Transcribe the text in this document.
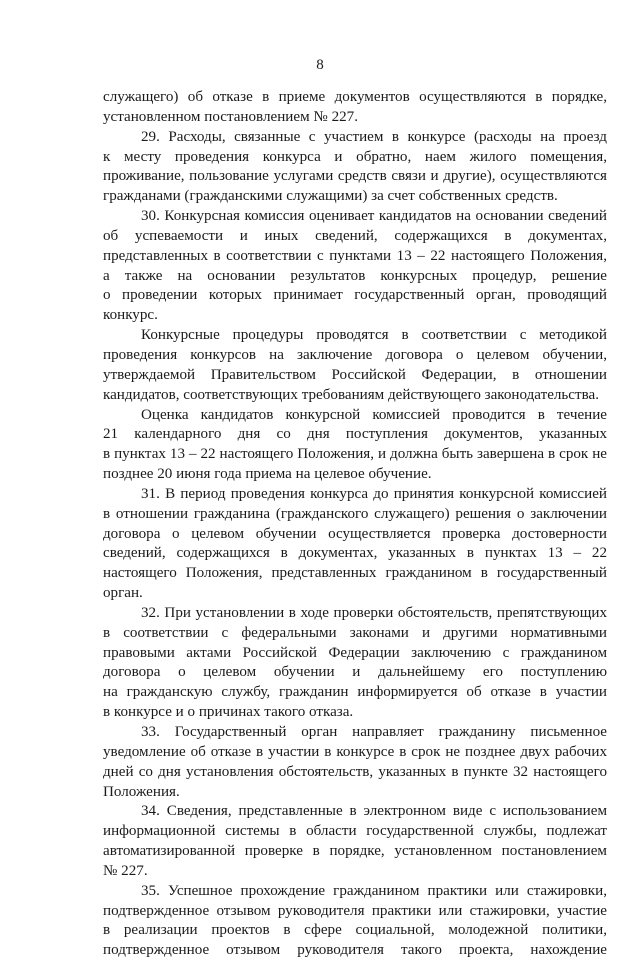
8
служащего) об отказе в приеме документов осуществляются в порядке,
установленном постановлением № 227.
29. Расходы, связанные с участием в конкурсе (расходы на проезд
к месту проведения конкурса и обратно, наем жилого помещения,
проживание, пользование услугами средств связи и другие), осуществляются
гражданами (гражданскими служащими) за счет собственных средств.
30. Конкурсная комиссия оценивает кандидатов на основании сведений
об успеваемости и иных сведений, содержащихся в документах,
представленных в соответствии с пунктами 13 – 22 настоящего Положения,
а также на основании результатов конкурсных процедур, решение
о проведении которых принимает государственный орган, проводящий
конкурс.
Конкурсные процедуры проводятся в соответствии с методикой
проведения конкурсов на заключение договора о целевом обучении,
утверждаемой Правительством Российской Федерации, в отношении
кандидатов, соответствующих требованиям действующего законодательства.
Оценка кандидатов конкурсной комиссией проводится в течение
21 календарного дня со дня поступления документов, указанных
в пунктах 13 – 22 настоящего Положения, и должна быть завершена в срок не
позднее 20 июня года приема на целевое обучение.
31. В период проведения конкурса до принятия конкурсной комиссией
в отношении гражданина (гражданского служащего) решения о заключении
договора о целевом обучении осуществляется проверка достоверности
сведений, содержащихся в документах, указанных в пунктах 13 – 22
настоящего Положения, представленных гражданином в государственный
орган.
32. При установлении в ходе проверки обстоятельств, препятствующих
в соответствии с федеральными законами и другими нормативными
правовыми актами Российской Федерации заключению с гражданином
договора о целевом обучении и дальнейшему его поступлению
на гражданскую службу, гражданин информируется об отказе в участии
в конкурсе и о причинах такого отказа.
33. Государственный орган направляет гражданину письменное
уведомление об отказе в участии в конкурсе в срок не позднее двух рабочих
дней со дня установления обстоятельств, указанных в пункте 32 настоящего
Положения.
34. Сведения, представленные в электронном виде с использованием
информационной системы в области государственной службы, подлежат
автоматизированной проверке в порядке, установленном постановлением
№ 227.
35. Успешное прохождение гражданином практики или стажировки,
подтвержденное отзывом руководителя практики или стажировки, участие
в реализации проектов в сфере социальной, молодежной политики,
подтвержденное отзывом руководителя такого проекта, нахождение
